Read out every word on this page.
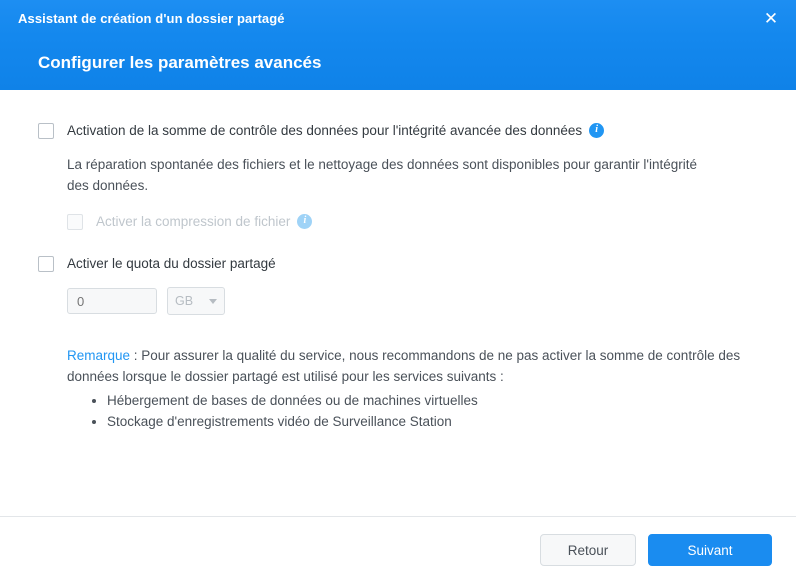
Assistant de création d'un dossier partagé	✕
Configurer les paramètres avancés
Activation de la somme de contrôle des données pour l'intégrité avancée des données i
La réparation spontanée des fichiers et le nettoyage des données sont disponibles pour garantir l'intégrité des données.
Activer la compression de fichier i
Activer le quota du dossier partagé
0
GB
Remarque : Pour assurer la qualité du service, nous recommandons de ne pas activer la somme de contrôle des données lorsque le dossier partagé est utilisé pour les services suivants :
• Hébergement de bases de données ou de machines virtuelles
• Stockage d'enregistrements vidéo de Surveillance Station
Retour	Suivant
